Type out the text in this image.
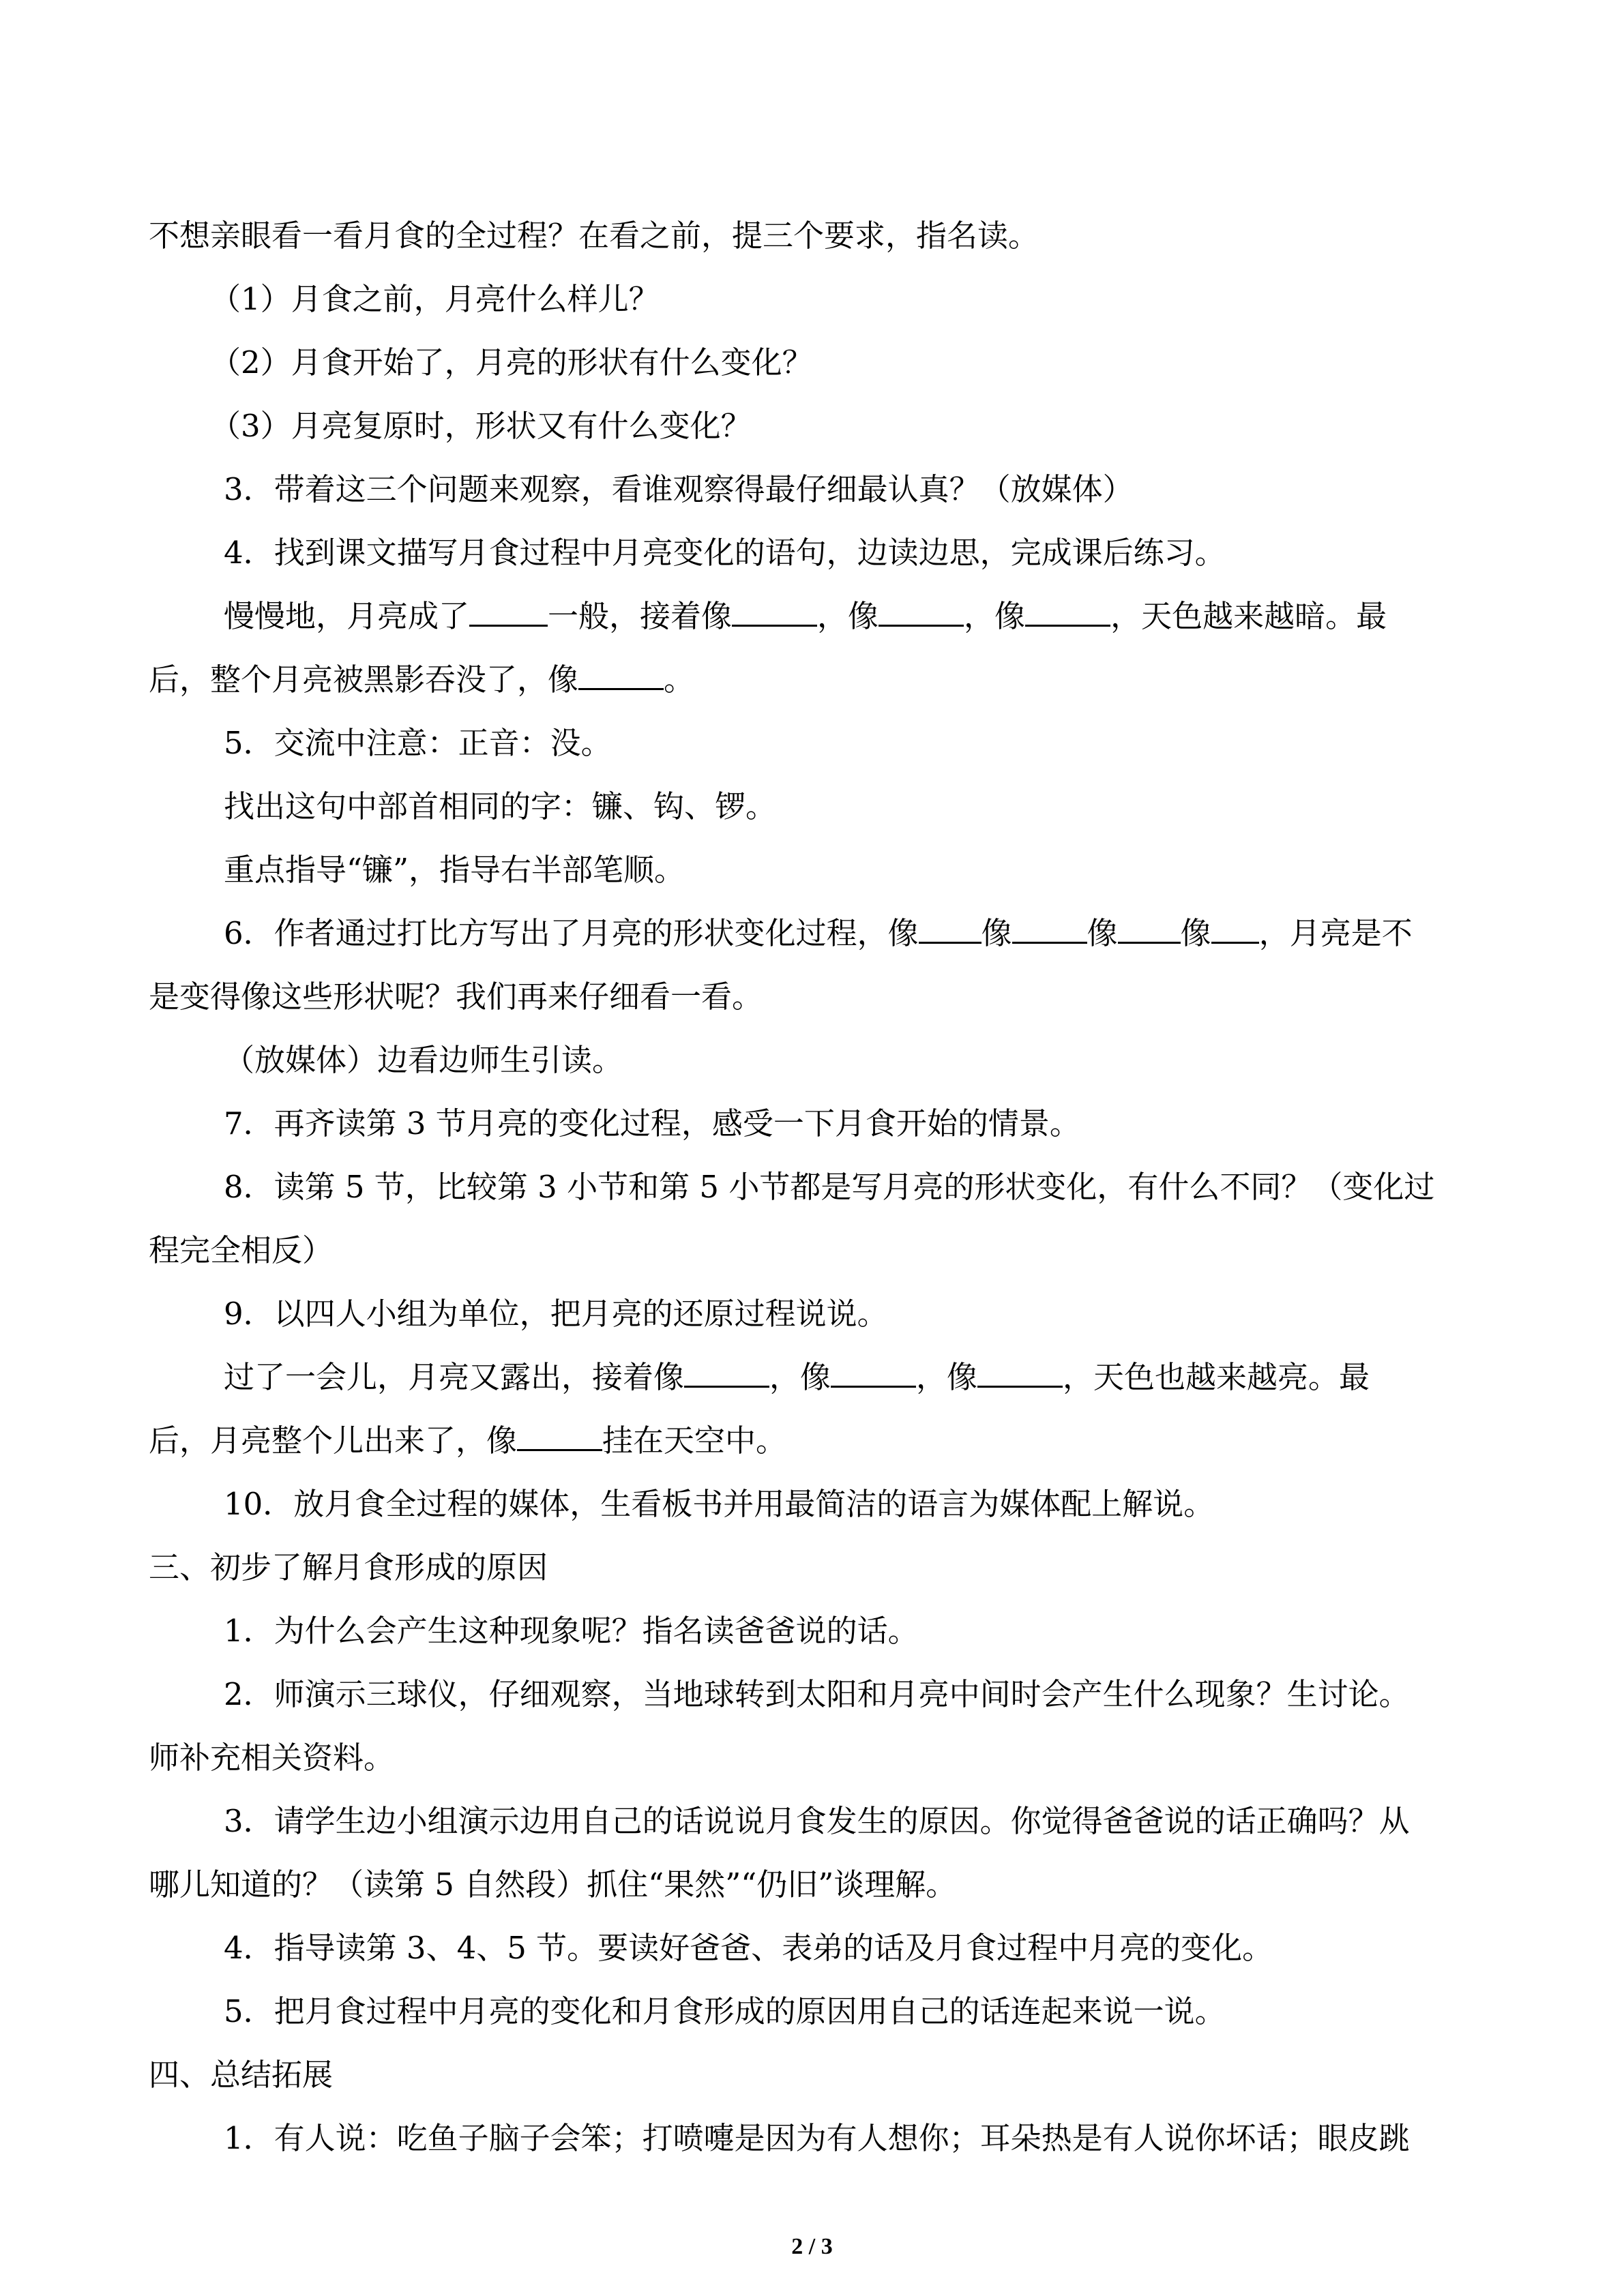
不想亲眼看一看月食的全过程？在看之前，提三个要求，指名读。
（1）月食之前，月亮什么样儿？
（2）月食开始了，月亮的形状有什么变化？
（3）月亮复原时，形状又有什么变化？
3．带着这三个问题来观察，看谁观察得最仔细最认真？（放媒体）
4．找到课文描写月食过程中月亮变化的语句，边读边思，完成课后练习。
慢慢地，月亮成了	一般，接着像	，像	，像	，天色越来越暗。最
后，整个月亮被黑影吞没了，像	。
5．交流中注意：正音：没。
找出这句中部首相同的字：镰、钩、锣。
重点指导“镰”，指导右半部笔顺。
6．作者通过打比方写出了月亮的形状变化过程，像 像 像 像 ，月亮是不
是变得像这些形状呢？我们再来仔细看一看。
（放媒体）边看边师生引读。
7．再齐读第 3 节月亮的变化过程，感受一下月食开始的情景。
8．读第 5 节，比较第 3 小节和第 5 小节都是写月亮的形状变化，有什么不同？（变化过
程完全相反）
9．以四人小组为单位，把月亮的还原过程说说。
过了一会儿，月亮又露出，接着像	，像	，像	，天色也越来越亮。最
后，月亮整个儿出来了，像	挂在天空中。
10．放月食全过程的媒体，生看板书并用最简洁的语言为媒体配上解说。
三、初步了解月食形成的原因
1．为什么会产生这种现象呢？指名读爸爸说的话。
2．师演示三球仪，仔细观察，当地球转到太阳和月亮中间时会产生什么现象？生讨论。
师补充相关资料。
3．请学生边小组演示边用自己的话说说月食发生的原因。你觉得爸爸说的话正确吗？从
哪儿知道的？（读第 5 自然段）抓住“果然”“仍旧”谈理解。
4．指导读第 3、4、5 节。要读好爸爸、表弟的话及月食过程中月亮的变化。
5．把月食过程中月亮的变化和月食形成的原因用自己的话连起来说一说。
四、总结拓展
1．有人说：吃鱼子脑子会笨；打喷嚏是因为有人想你；耳朵热是有人说你坏话；眼皮跳
2 / 3
